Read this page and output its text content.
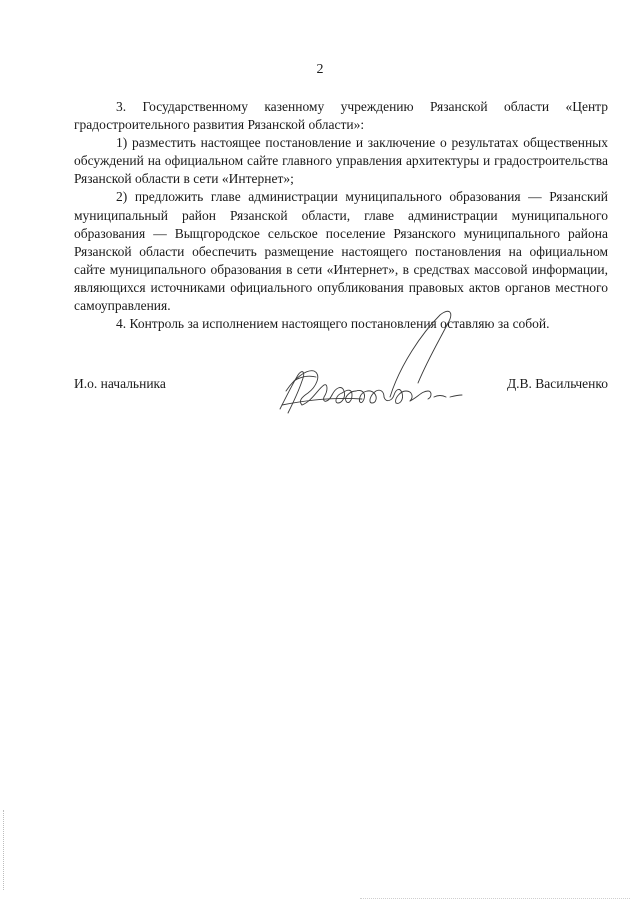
2

3. Государственному казенному учреждению Рязанской области «Центр градостроительного развития Рязанской области»:

1) разместить настоящее постановление и заключение о результатах общественных обсуждений на официальном сайте главного управления архитектуры и градостроительства Рязанской области в сети «Интернет»;

2) предложить главе администрации муниципального образования — Рязанский муниципальный район Рязанской области, главе администрации муниципального образования — Выщгородское сельское поселение Рязанского муниципального района Рязанской области обеспечить размещение настоящего постановления на официальном сайте муниципального образования в сети «Интернет», в средствах массовой информации, являющихся источниками официального опубликования правовых актов органов местного самоуправления.

4. Контроль за исполнением настоящего постановления оставляю за собой.

И.о. начальника	Д.В. Васильченко
